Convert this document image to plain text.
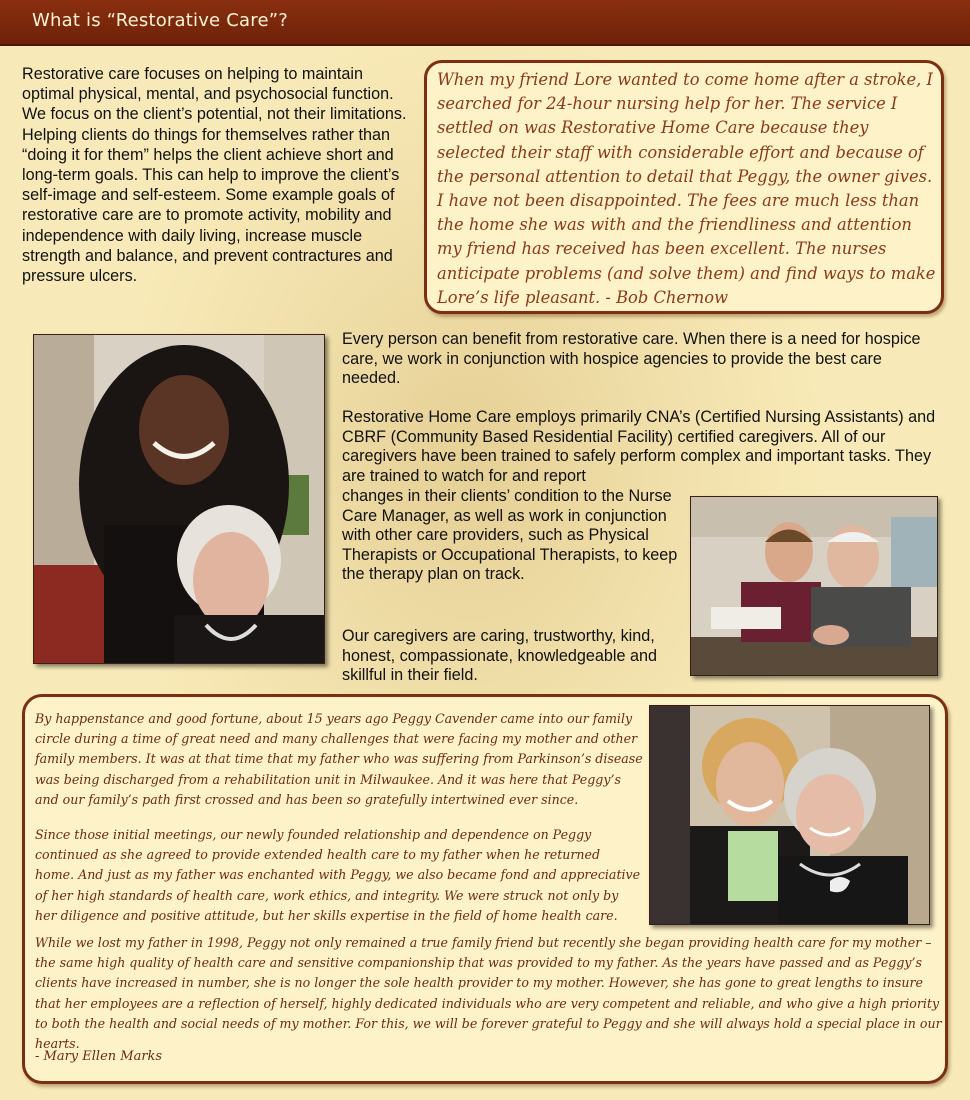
What is “Restorative Care”?

Restorative care focuses on helping to maintain optimal physical, mental, and psychosocial function. We focus on the client’s potential, not their limitations. Helping clients do things for themselves rather than “doing it for them” helps the client achieve short and long-term goals. This can help to improve the client’s self-image and self-esteem. Some example goals of restorative care are to promote activity, mobility and independence with daily living, increase muscle strength and balance, and prevent contractures and pressure ulcers.

When my friend Lore wanted to come home after a stroke, I searched for 24-hour nursing help for her. The service I settled on was Restorative Home Care because they selected their staff with considerable effort and because of the personal attention to detail that Peggy, the owner gives. I have not been disappointed. The fees are much less than the home she was with and the friendliness and attention my friend has received has been excellent. The nurses anticipate problems (and solve them) and find ways to make Lore’s life pleasant. - Bob Chernow

Every person can benefit from restorative care. When there is a need for hospice care, we work in conjunction with hospice agencies to provide the best care needed.

Restorative Home Care employs primarily CNA’s (Certified Nursing Assistants) and CBRF (Community Based Residential Facility) certified caregivers. All of our caregivers have been trained to safely perform complex and important tasks. They are trained to watch for and report

changes in their clients’ condition to the Nurse Care Manager, as well as work in conjunction with other care providers, such as Physical Therapists or Occupational Therapists, to keep the therapy plan on track.

Our caregivers are caring, trustworthy, kind, honest, compassionate, knowledgeable and skillful in their field.

By happenstance and good fortune, about 15 years ago Peggy Cavender came into our family circle during a time of great need and many challenges that were facing my mother and other family members. It was at that time that my father who was suffering from Parkinson’s disease was being discharged from a rehabilitation unit in Milwaukee. And it was here that Peggy’s and our family’s path first crossed and has been so gratefully intertwined ever since.

Since those initial meetings, our newly founded relationship and dependence on Peggy continued as she agreed to provide extended health care to my father when he returned home. And just as my father was enchanted with Peggy, we also became fond and appreciative of her high standards of health care, work ethics, and integrity. We were struck not only by her diligence and positive attitude, but her skills expertise in the field of home health care.

While we lost my father in 1998, Peggy not only remained a true family friend but recently she began providing health care for my mother – the same high quality of health care and sensitive companionship that was provided to my father. As the years have passed and as Peggy’s clients have increased in number, she is no longer the sole health provider to my mother. However, she has gone to great lengths to insure that her employees are a reflection of herself, highly dedicated individuals who are very competent and reliable, and who give a high priority to both the health and social needs of my mother. For this, we will be forever grateful to Peggy and she will always hold a special place in our hearts.

- Mary Ellen Marks
